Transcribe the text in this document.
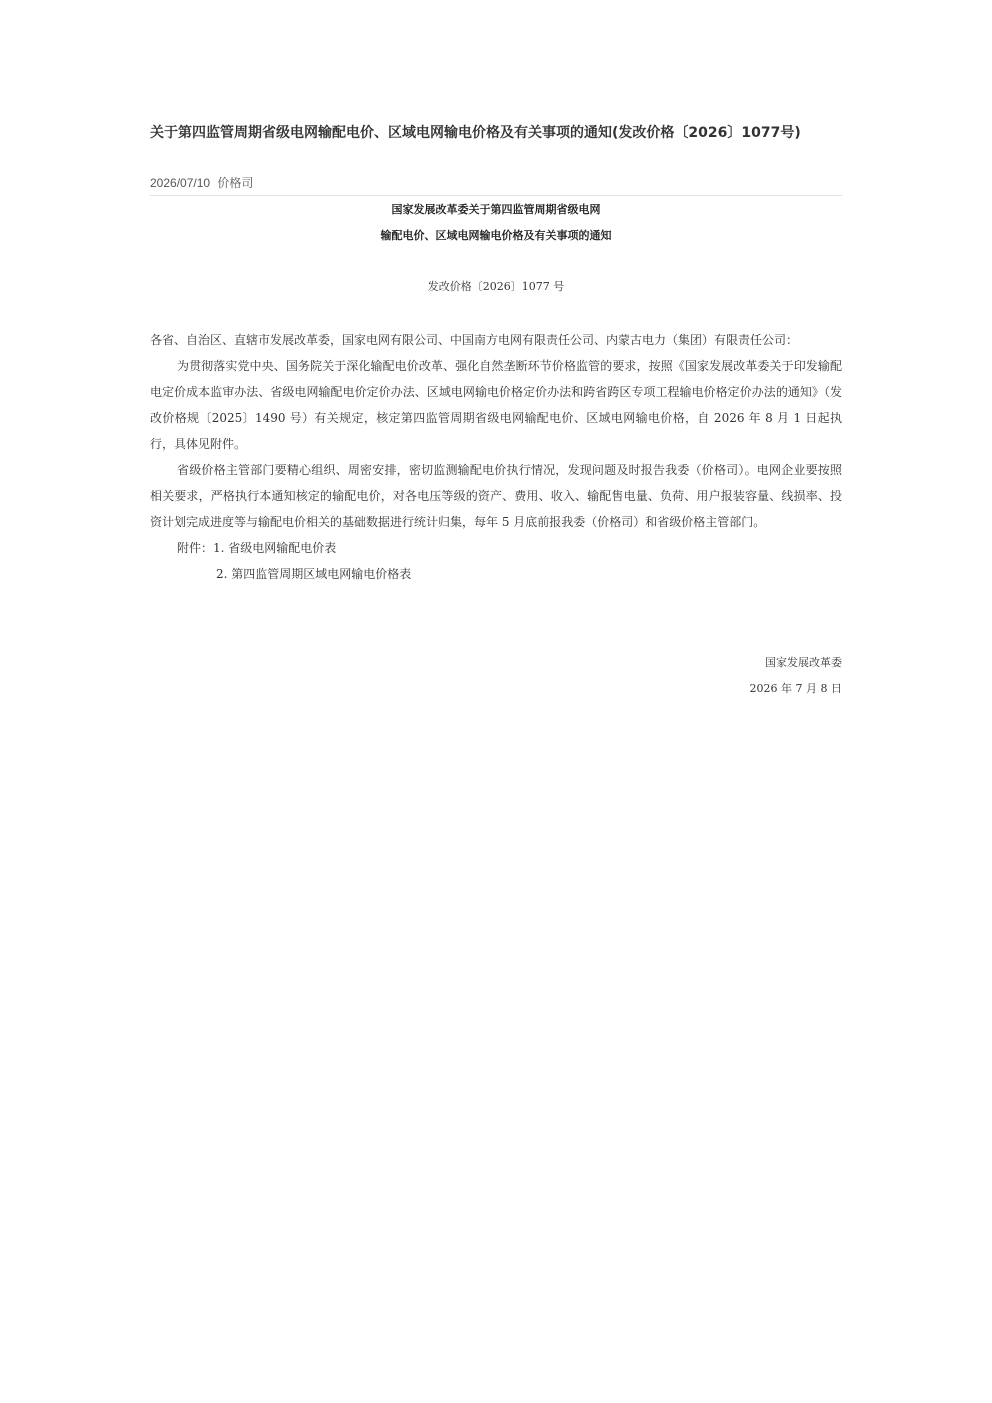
关于第四监管周期省级电网输配电价、区域电网输电价格及有关事项的通知(发改价格〔2026〕1077号)
2026/07/10 价格司
国家发展改革委关于第四监管周期省级电网
输配电价、区域电网输电价格及有关事项的通知
发改价格〔2026〕1077 号

各省、自治区、直辖市发展改革委，国家电网有限公司、中国南方电网有限责任公司、内蒙古电力（集团）有限责任公司：

为贯彻落实党中央、国务院关于深化输配电价改革、强化自然垄断环节价格监管的要求，按照《国家发展改革委关于印发输配电定价成本监审办法、省级电网输配电价定价办法、区域电网输电价格定价办法和跨省跨区专项工程输电价格定价办法的通知》（发改价格规〔2025〕1490 号）有关规定，核定第四监管周期省级电网输配电价、区域电网输电价格，自 2026 年 8 月 1 日起执行，具体见附件。

省级价格主管部门要精心组织、周密安排，密切监测输配电价执行情况，发现问题及时报告我委（价格司）。电网企业要按照相关要求，严格执行本通知核定的输配电价，对各电压等级的资产、费用、收入、输配售电量、负荷、用户报装容量、线损率、投资计划完成进度等与输配电价相关的基础数据进行统计归集，每年 5 月底前报我委（价格司）和省级价格主管部门。

附件：1. 省级电网输配电价表

2. 第四监管周期区域电网输电价格表

国家发展改革委
2026 年 7 月 8 日
